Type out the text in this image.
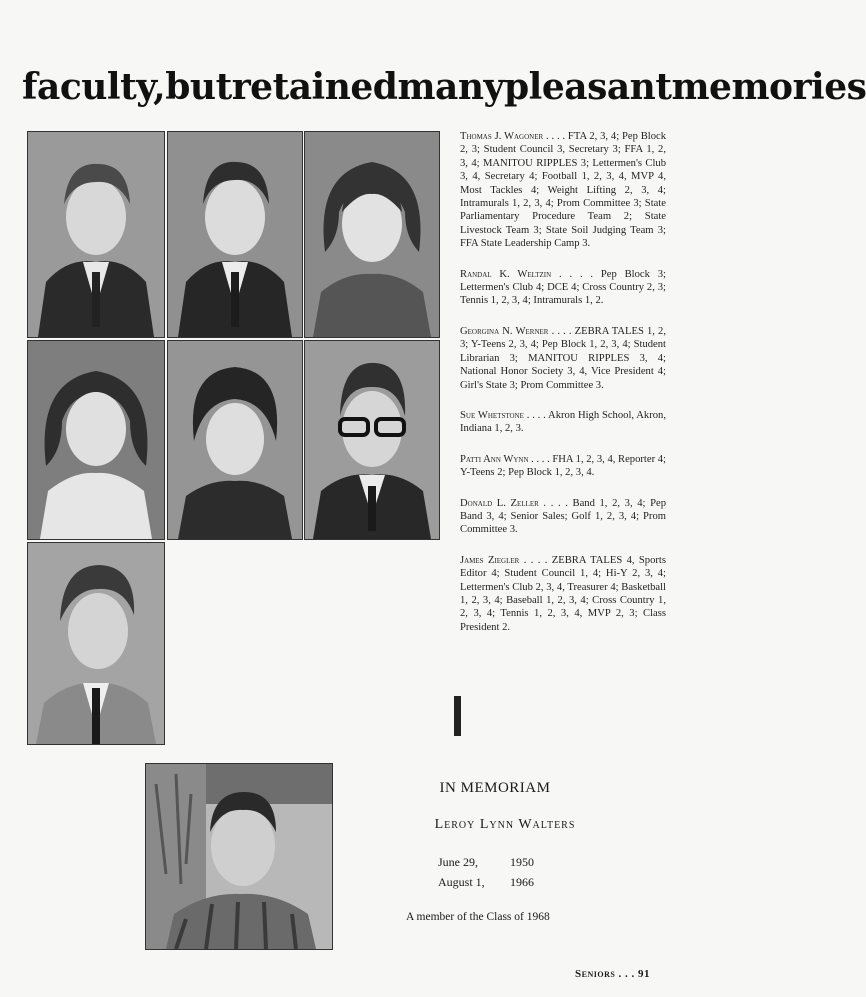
faculty, but retained many pleasant memories

Thomas J. Wagoner . . . . FTA 2, 3, 4; Pep Block 2, 3; Student Council 3, Secretary 3; FFA 1, 2, 3, 4; MANITOU RIPPLES 3; Lettermen's Club 3, 4, Secretary 4; Football 1, 2, 3, 4, MVP 4, Most Tackles 4; Weight Lifting 2, 3, 4; Intramurals 1, 2, 3, 4; Prom Committee 3; State Parliamentary Procedure Team 2; State Livestock Team 3; State Soil Judging Team 3; FFA State Leadership Camp 3.

Randal K. Weltzin . . . . Pep Block 3; Lettermen's Club 4; DCE 4; Cross Country 2, 3; Tennis 1, 2, 3, 4; Intramurals 1, 2.

Georgina N. Werner . . . . ZEBRA TALES 1, 2, 3; Y-Teens 2, 3, 4; Pep Block 1, 2, 3, 4; Student Librarian 3; MANITOU RIPPLES 3, 4; National Honor Society 3, 4, Vice President 4; Girl's State 3; Prom Committee 3.

Sue Whetstone . . . . Akron High School, Akron, Indiana 1, 2, 3.

Patti Ann Wynn . . . . FHA 1, 2, 3, 4, Reporter 4; Y-Teens 2; Pep Block 1, 2, 3, 4.

Donald L. Zeller . . . . Band 1, 2, 3, 4; Pep Band 3, 4; Senior Sales; Golf 1, 2, 3, 4; Prom Committee 3.

James Ziegler . . . . ZEBRA TALES 4, Sports Editor 4; Student Council 1, 4; Hi-Y 2, 3, 4; Lettermen's Club 2, 3, 4, Treasurer 4; Basketball 1, 2, 3, 4; Baseball 1, 2, 3, 4; Cross Country 1, 2, 3, 4; Tennis 1, 2, 3, 4, MVP 2, 3; Class President 2.

IN MEMORIAM
Leroy Lynn Walters
June 29,	1950
August 1,	1966
A member of the Class of 1968
Seniors . . . 91
